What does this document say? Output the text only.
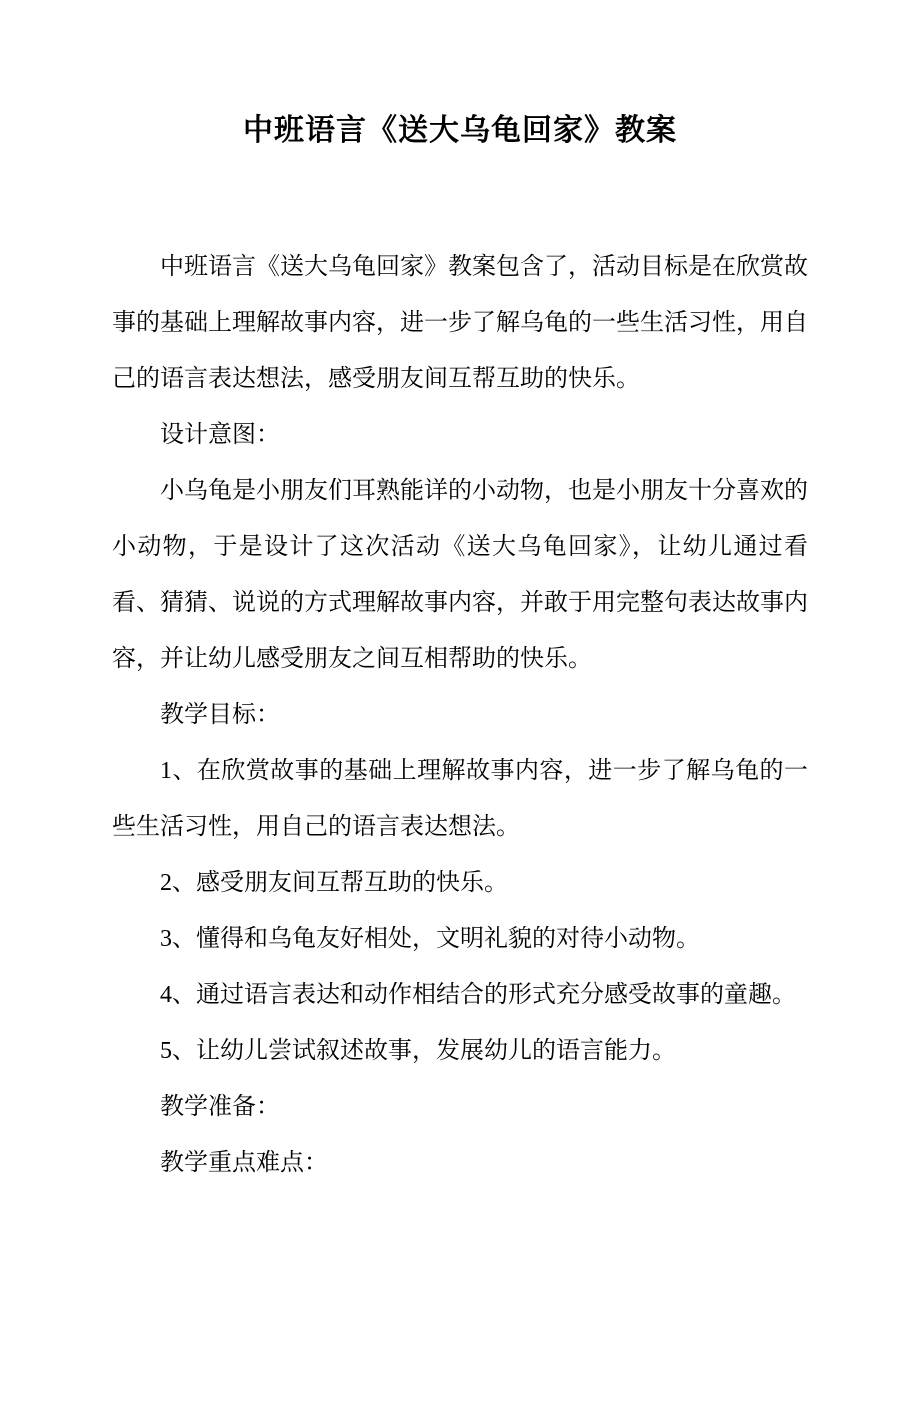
中班语言《送大乌龟回家》教案

中班语言《送大乌龟回家》教案包含了，活动目标是在欣赏故事的基础上理解故事内容，进一步了解乌龟的一些生活习性，用自己的语言表达想法，感受朋友间互帮互助的快乐。

设计意图：

小乌龟是小朋友们耳熟能详的小动物，也是小朋友十分喜欢的小动物，于是设计了这次活动《送大乌龟回家》，让幼儿通过看看、猜猜、说说的方式理解故事内容，并敢于用完整句表达故事内容，并让幼儿感受朋友之间互相帮助的快乐。

教学目标：

1、在欣赏故事的基础上理解故事内容，进一步了解乌龟的一些生活习性，用自己的语言表达想法。

2、感受朋友间互帮互助的快乐。

3、懂得和乌龟友好相处，文明礼貌的对待小动物。

4、通过语言表达和动作相结合的形式充分感受故事的童趣。

5、让幼儿尝试叙述故事，发展幼儿的语言能力。

教学准备：

教学重点难点：
